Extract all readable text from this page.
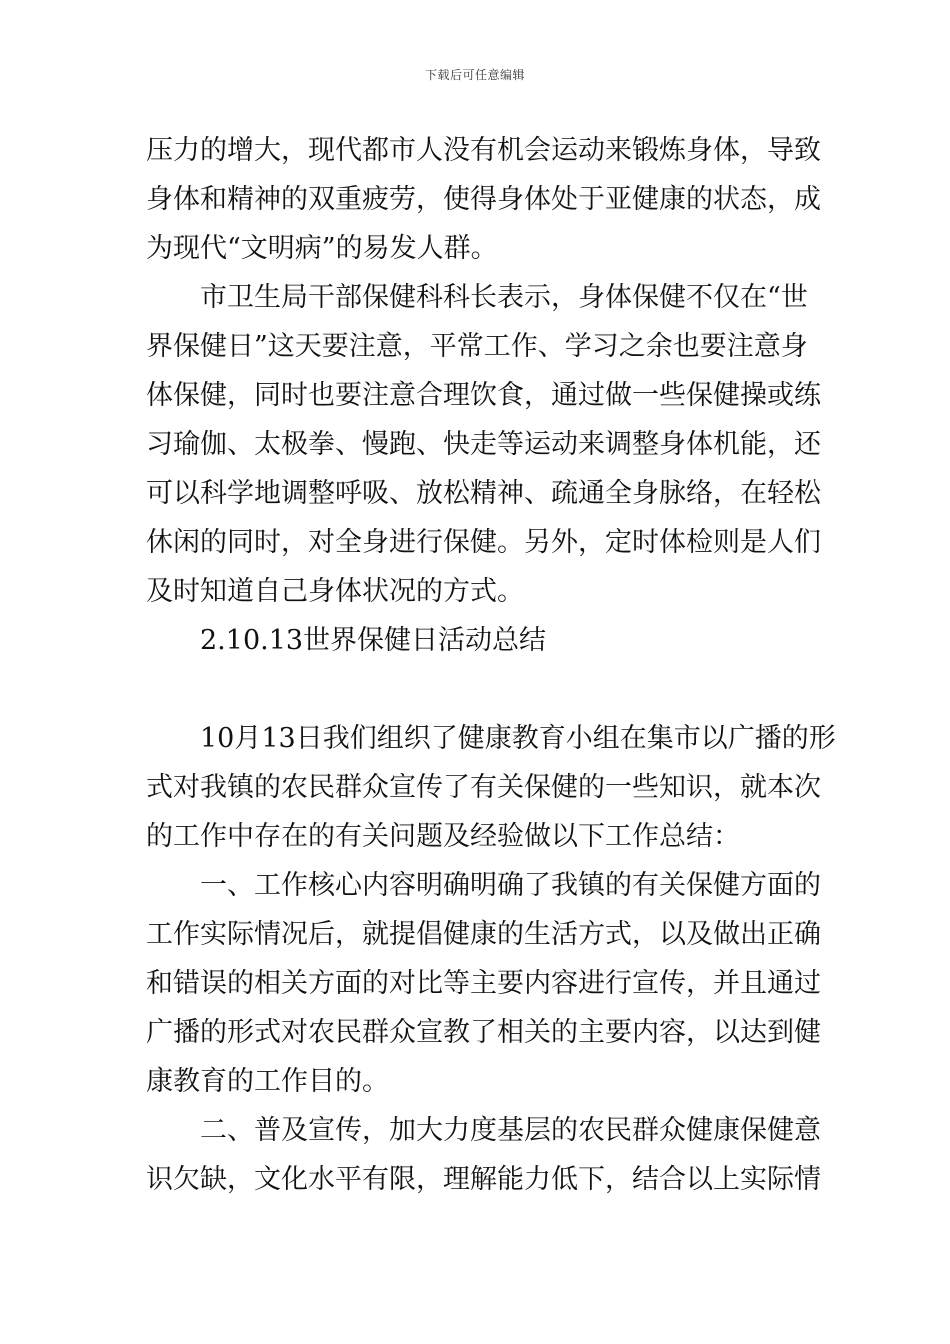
下载后可任意编辑
压力的增大，现代都市人没有机会运动来锻炼身体，导致
身体和精神的双重疲劳，使得身体处于亚健康的状态，成
为现代“文明病”的易发人群。
市卫生局干部保健科科长表示，身体保健不仅在“世
界保健日”这天要注意，平常工作、学习之余也要注意身
体保健，同时也要注意合理饮食，通过做一些保健操或练
习瑜伽、太极拳、慢跑、快走等运动来调整身体机能，还
可以科学地调整呼吸、放松精神、疏通全身脉络，在轻松
休闲的同时，对全身进行保健。另外，定时体检则是人们
及时知道自己身体状况的方式。
2.10.13世界保健日活动总结
10月13日我们组织了健康教育小组在集市以广播的形
式对我镇的农民群众宣传了有关保健的一些知识，就本次
的工作中存在的有关问题及经验做以下工作总结：
一、工作核心内容明确明确了我镇的有关保健方面的
工作实际情况后，就提倡健康的生活方式，以及做出正确
和错误的相关方面的对比等主要内容进行宣传，并且通过
广播的形式对农民群众宣教了相关的主要内容，以达到健
康教育的工作目的。
二、普及宣传，加大力度基层的农民群众健康保健意
识欠缺，文化水平有限，理解能力低下，结合以上实际情
